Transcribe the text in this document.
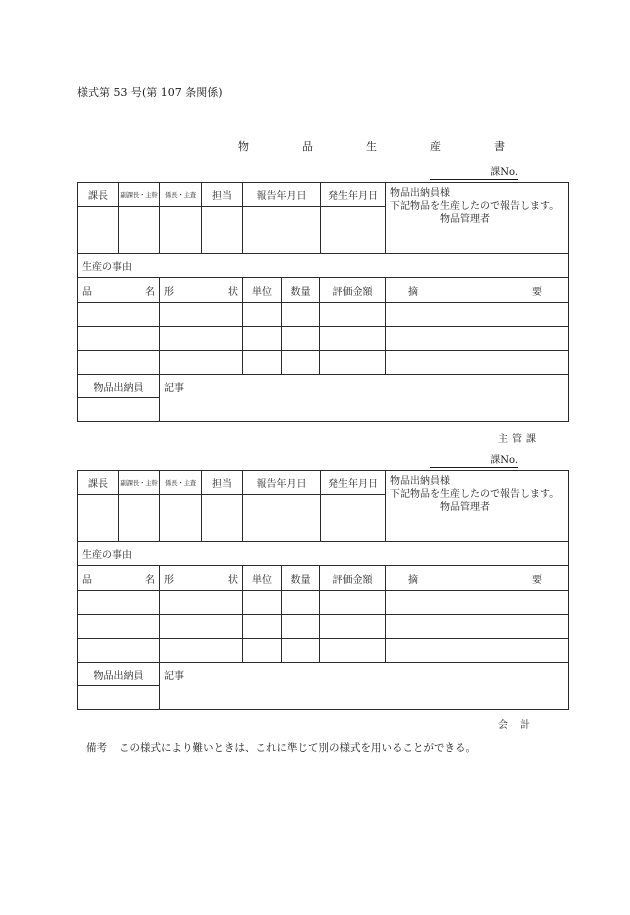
様式第 53 号(第 107 条関係)
物　品　生　産　書
課No.
課長	副課長・主幹	係長・主査	担当	報告年月日	発生年月日	物品出納員様
下記物品を生産したので報告します。
物品管理者

生産の事由						

品 名		形 状		単位 数量 評価金額		摘 要

物品出納員		記事				

主管課
課No.
課長	副課長・主幹	係長・主査	担当	報告年月日	発生年月日	物品出納員様
下記物品を生産したので報告します。
物品管理者

生産の事由						

品 名		形 状		単位 数量 評価金額		摘 要

物品出納員		記事				

会計
備考 この様式により難いときは、これに準じて別の様式を用いることができる。
